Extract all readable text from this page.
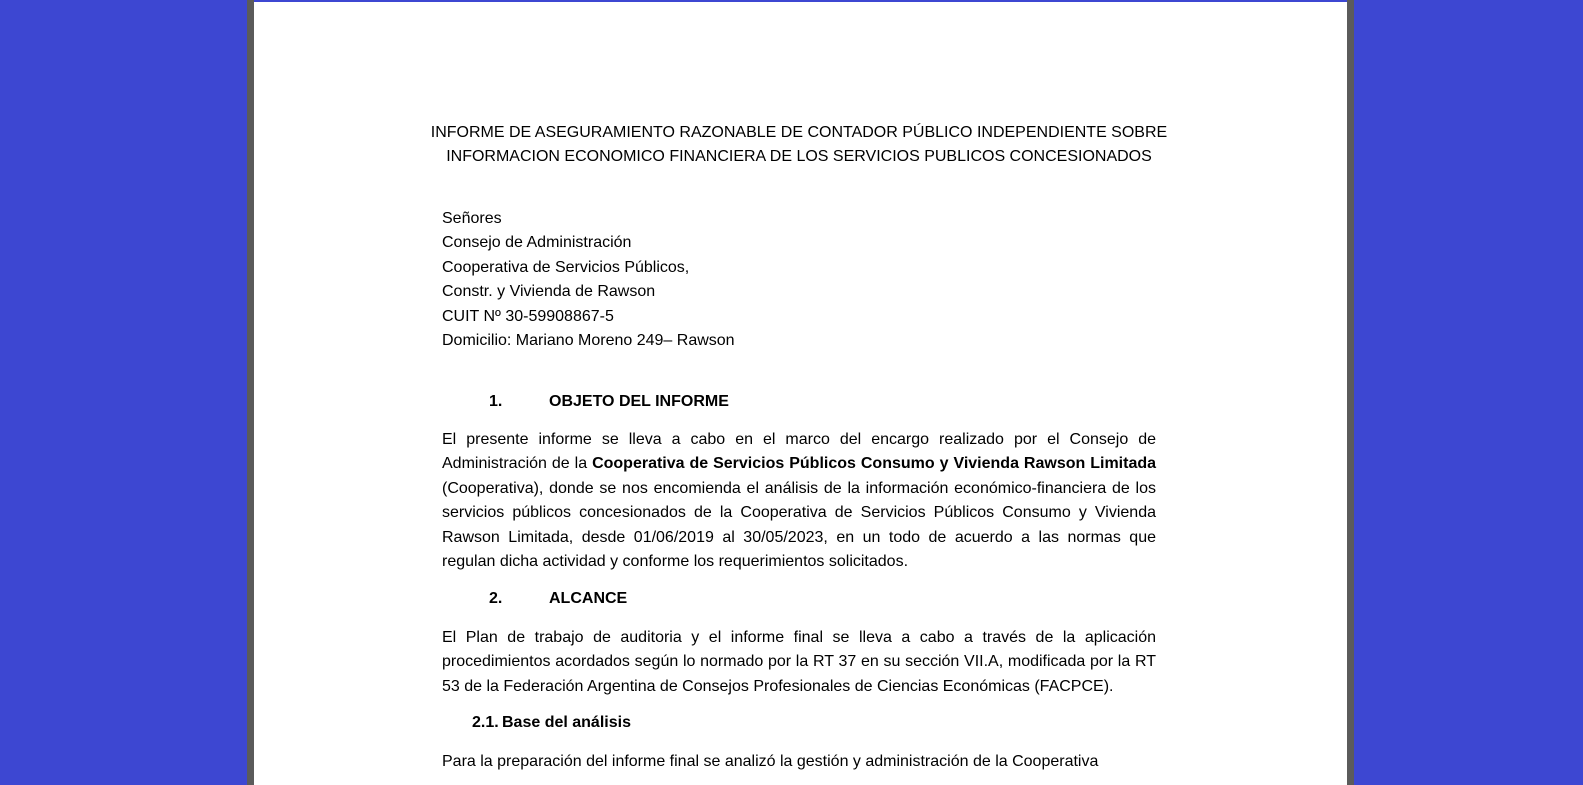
INFORME DE ASEGURAMIENTO RAZONABLE DE CONTADOR PÚBLICO INDEPENDIENTE SOBRE
INFORMACION ECONOMICO FINANCIERA DE LOS SERVICIOS PUBLICOS CONCESIONADOS
Señores
Consejo de Administración
Cooperativa de Servicios Públicos,
Constr. y Vivienda de Rawson
CUIT Nº 30-59908867-5
Domicilio: Mariano Moreno 249– Rawson
1.	OBJETO DEL INFORME
El presente informe se lleva a cabo en el marco del encargo realizado por el Consejo de Administración de la Cooperativa de Servicios Públicos Consumo y Vivienda Rawson Limitada (Cooperativa), donde se nos encomienda el análisis de la información económico-financiera de los servicios públicos concesionados de la Cooperativa de Servicios Públicos Consumo y Vivienda Rawson Limitada, desde 01/06/2019 al 30/05/2023, en un todo de acuerdo a las normas que regulan dicha actividad y conforme los requerimientos solicitados.
2.	ALCANCE
El Plan de trabajo de auditoria y el informe final se lleva a cabo a través de la aplicación procedimientos acordados según lo normado por la RT 37 en su sección VII.A, modificada por la RT 53 de la Federación Argentina de Consejos Profesionales de Ciencias Económicas (FACPCE).
2.1. Base del análisis
Para la preparación del informe final se analizó la gestión y administración de la Cooperativa
